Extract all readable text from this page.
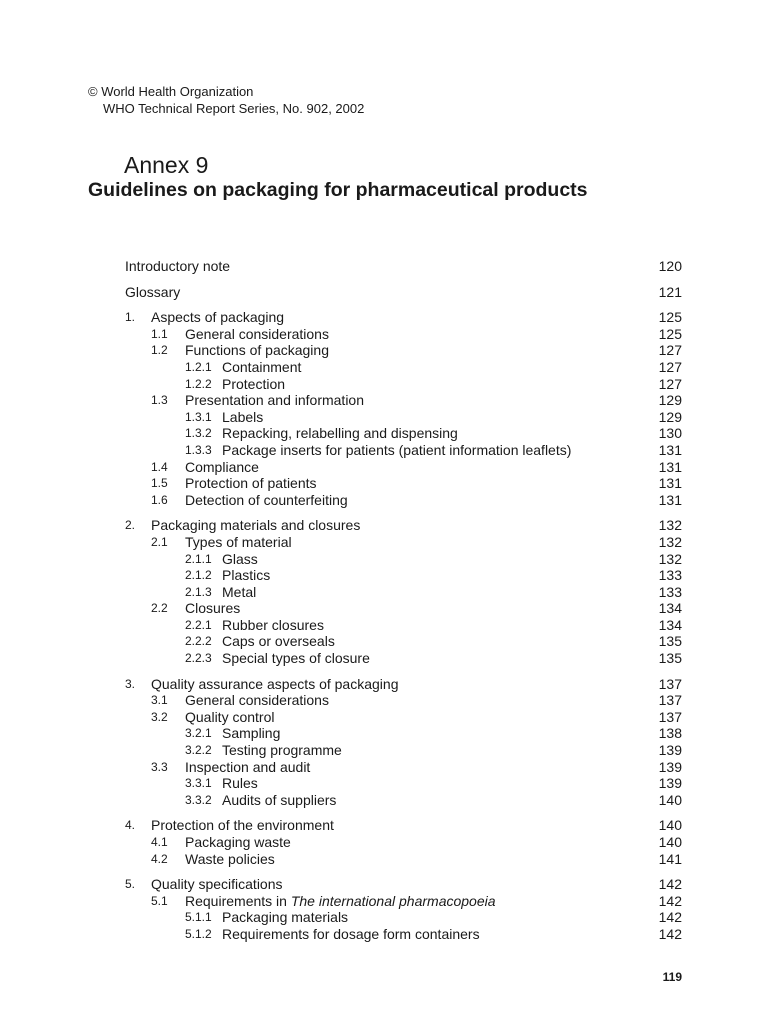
© World Health Organization
WHO Technical Report Series, No. 902, 2002
Annex 9
Guidelines on packaging for pharmaceutical products
Introductory note	120
Glossary	121
1. Aspects of packaging	125
1.1 General considerations	125
1.2 Functions of packaging	127
1.2.1 Containment	127
1.2.2 Protection	127
1.3 Presentation and information	129
1.3.1 Labels	129
1.3.2 Repacking, relabelling and dispensing	130
1.3.3 Package inserts for patients (patient information leaflets)	131
1.4 Compliance	131
1.5 Protection of patients	131
1.6 Detection of counterfeiting	131
2. Packaging materials and closures	132
2.1 Types of material	132
2.1.1 Glass	132
2.1.2 Plastics	133
2.1.3 Metal	133
2.2 Closures	134
2.2.1 Rubber closures	134
2.2.2 Caps or overseals	135
2.2.3 Special types of closure	135
3. Quality assurance aspects of packaging	137
3.1 General considerations	137
3.2 Quality control	137
3.2.1 Sampling	138
3.2.2 Testing programme	139
3.3 Inspection and audit	139
3.3.1 Rules	139
3.3.2 Audits of suppliers	140
4. Protection of the environment	140
4.1 Packaging waste	140
4.2 Waste policies	141
5. Quality specifications	142
5.1 Requirements in The international pharmacopoeia	142
5.1.1 Packaging materials	142
5.1.2 Requirements for dosage form containers	142
119
